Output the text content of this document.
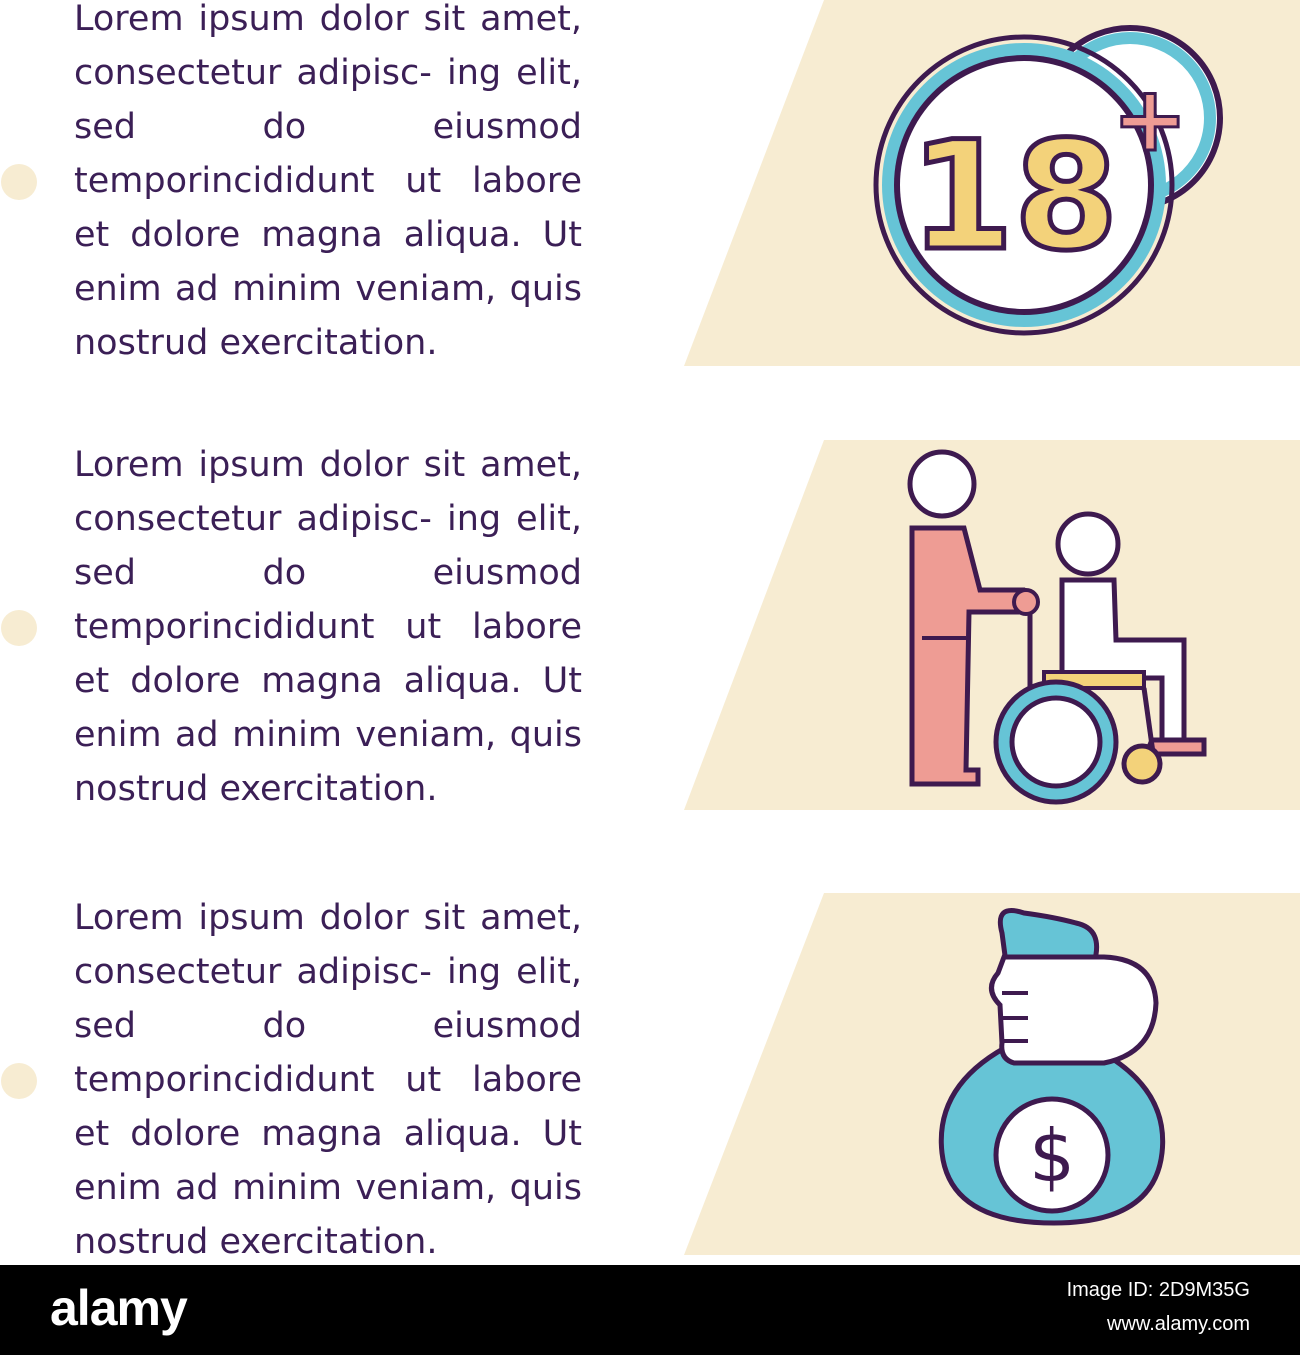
Lorem ipsum dolor sit amet, consectetur adipisc- ing elit, sed do eiusmod temporincididunt ut labore et dolore magna aliqua. Ut enim ad minim veniam, quis nostrud exercitation.

18
+

Lorem ipsum dolor sit amet, consectetur adipisc- ing elit, sed do eiusmod temporincididunt ut labore et dolore magna aliqua. Ut enim ad minim veniam, quis nostrud exercitation.

Lorem ipsum dolor sit amet, consectetur adipisc- ing elit, sed do eiusmod temporincididunt ut labore et dolore magna aliqua. Ut enim ad minim veniam, quis nostrud exercitation.

$
alamy	Image ID: 2D9M35G
www.alamy.com
